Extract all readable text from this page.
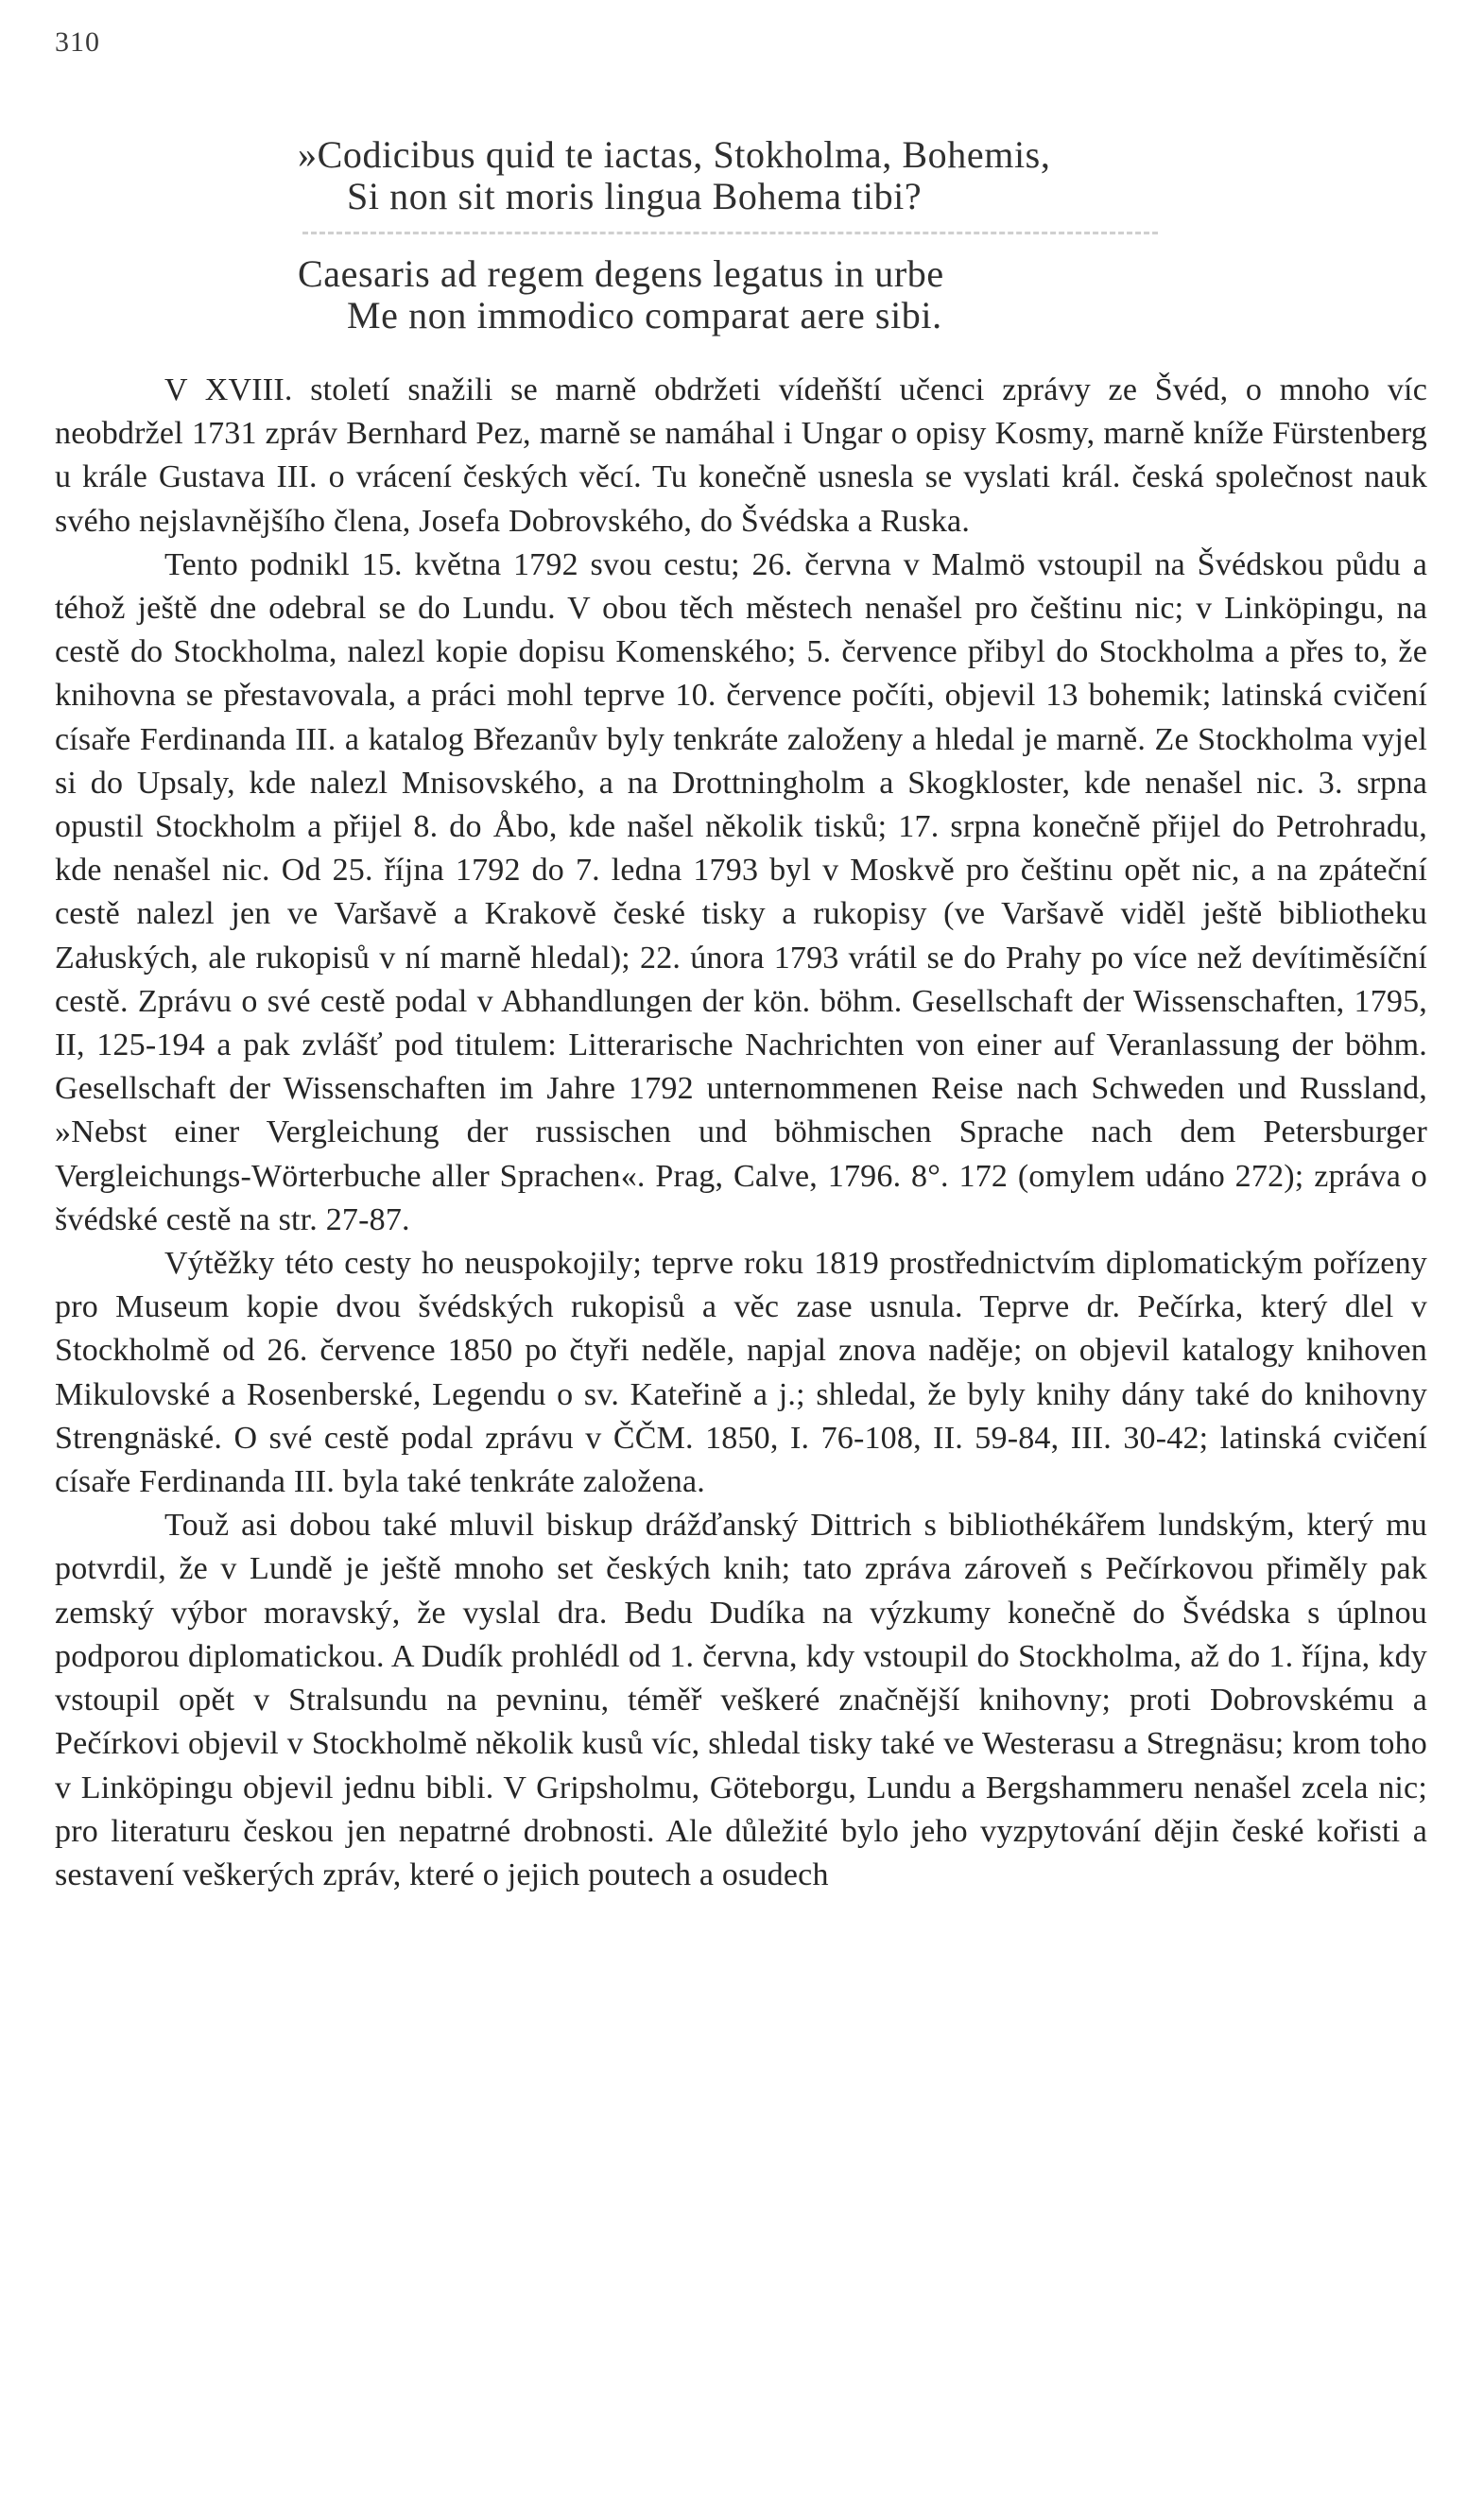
310
»Codicibus quid te iactas, Stokholma, Bohemis,
Si non sit moris lingua Bohema tibi?
Caesaris ad regem degens legatus in urbe
Me non immodico comparat aere sibi.

V XVIII. století snažili se marně obdržeti vídeňští učenci zprávy ze Švéd, o mnoho víc neobdržel 1731 zpráv Bernhard Pez, marně se namáhal i Ungar o opisy Kosmy, marně kníže Fürstenberg u krále Gustava III. o vrácení českých věcí. Tu konečně usnesla se vyslati král. česká společnost nauk svého nejslavnějšího člena, Josefa Dobrovského, do Švédska a Ruska.

Tento podnikl 15. května 1792 svou cestu; 26. června v Malmö vstoupil na Švédskou půdu a téhož ještě dne odebral se do Lundu. V obou těch městech nenašel pro češtinu nic; v Linköpingu, na cestě do Stockholma, nalezl kopie dopisu Komenského; 5. července přibyl do Stockholma a přes to, že knihovna se přestavovala, a práci mohl teprve 10. července počíti, objevil 13 bohemik; latinská cvičení císaře Ferdinanda III. a katalog Březanův byly tenkráte založeny a hledal je marně. Ze Stockholma vyjel si do Upsaly, kde nalezl Mnisovského, a na Drottningholm a Skogkloster, kde nenašel nic. 3. srpna opustil Stockholm a přijel 8. do Åbo, kde našel několik tisků; 17. srpna konečně přijel do Petrohradu, kde nenašel nic. Od 25. října 1792 do 7. ledna 1793 byl v Moskvě pro češtinu opět nic, a na zpáteční cestě nalezl jen ve Varšavě a Krakově české tisky a rukopisy (ve Varšavě viděl ještě bibliotheku Załuských, ale rukopisů v ní marně hledal); 22. února 1793 vrátil se do Prahy po více než devítiměsíční cestě. Zprávu o své cestě podal v Abhandlungen der kön. böhm. Gesellschaft der Wissenschaften, 1795, II, 125-194 a pak zvlášť pod titulem: Litterarische Nachrichten von einer auf Veranlassung der böhm. Gesellschaft der Wissenschaften im Jahre 1792 unternommenen Reise nach Schweden und Russland, »Nebst einer Vergleichung der russischen und böhmischen Sprache nach dem Petersburger Vergleichungs-Wörterbuche aller Sprachen«. Prag, Calve, 1796. 8°. 172 (omylem udáno 272); zpráva o švédské cestě na str. 27-87.

Výtěžky této cesty ho neuspokojily; teprve roku 1819 prostřednictvím diplomatickým pořízeny pro Museum kopie dvou švédských rukopisů a věc zase usnula. Teprve dr. Pečírka, který dlel v Stockholmě od 26. července 1850 po čtyři neděle, napjal znova naděje; on objevil katalogy knihoven Mikulovské a Rosenberské, Legendu o sv. Kateřině a j.; shledal, že byly knihy dány také do knihovny Strengnäské. O své cestě podal zprávu v ČČM. 1850, I. 76-108, II. 59-84, III. 30-42; latinská cvičení císaře Ferdinanda III. byla také tenkráte založena.

Touž asi dobou také mluvil biskup drážďanský Dittrich s bibliothékářem lundským, který mu potvrdil, že v Lundě je ještě mnoho set českých knih; tato zpráva zároveň s Pečírkovou přiměly pak zemský výbor moravský, že vyslal dra. Bedu Dudíka na výzkumy konečně do Švédska s úplnou podporou diplomatickou. A Dudík prohlédl od 1. června, kdy vstoupil do Stockholma, až do 1. října, kdy vstoupil opět v Stralsundu na pevninu, téměř veškeré značnější knihovny; proti Dobrovskému a Pečírkovi objevil v Stockholmě několik kusů víc, shledal tisky také ve Westerasu a Stregnäsu; krom toho v Linköpingu objevil jednu bibli. V Gripsholmu, Göteborgu, Lundu a Bergshammeru nenašel zcela nic; pro literaturu českou jen nepatrné drobnosti. Ale důležité bylo jeho vyzpytování dějin české kořisti a sestavení veškerých zpráv, které o jejich poutech a osudech
